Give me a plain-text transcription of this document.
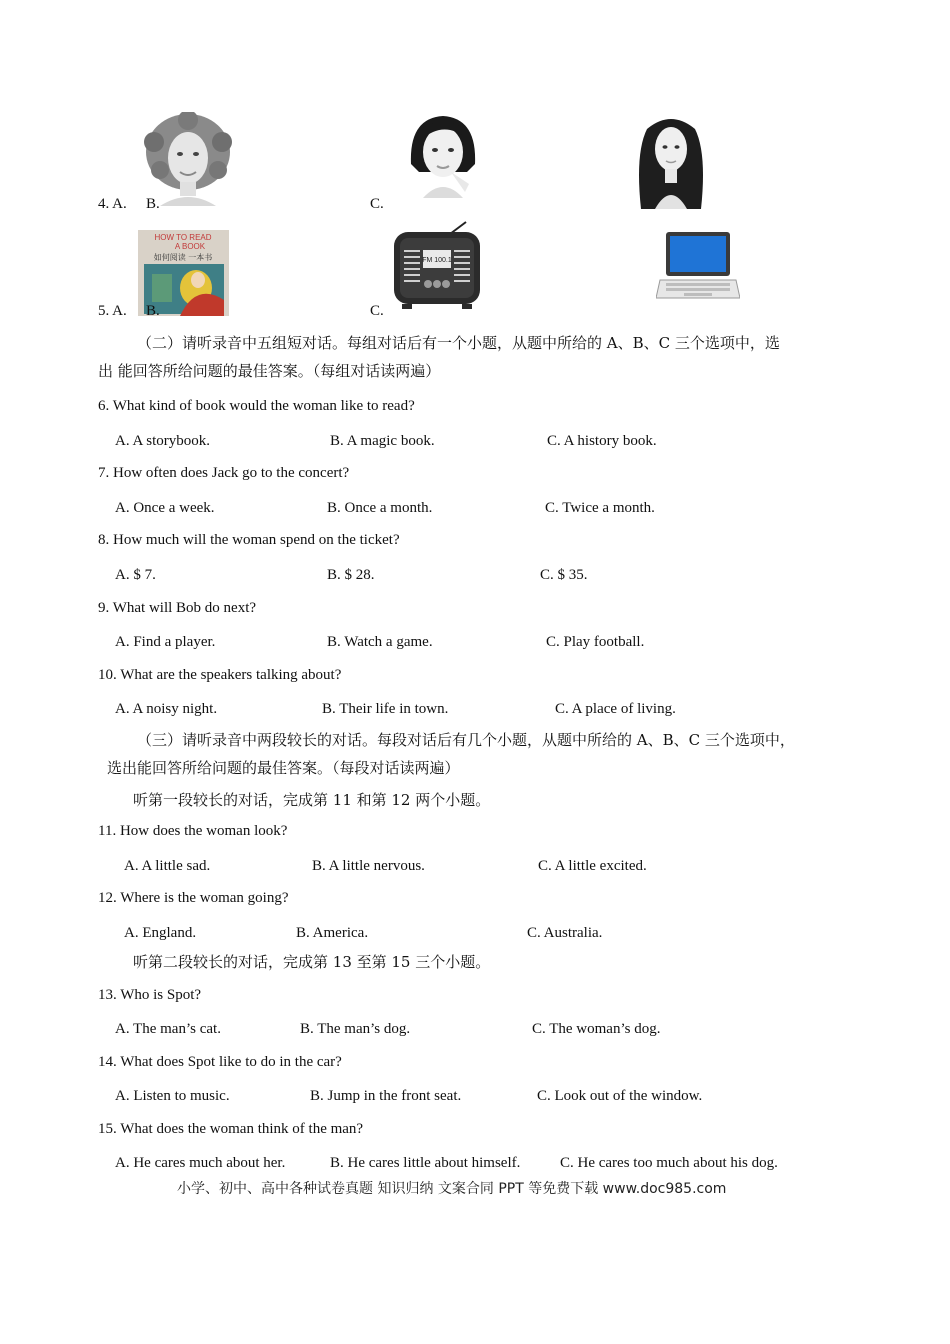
4. A. B.	C.
HOW TO READ
A BOOK
如何阅读 一本书
5. A. B.
FM 100.1
C.
（二）请听录音中五组短对话。每组对话后有一个小题，从题中所给的 A、B、C 三个选项中，选
出 能回答所给问题的最佳答案。（每组对话读两遍）
6. What kind of book would the woman like to read?
A. A storybook.	B. A magic book.	C. A history book.
7. How often does Jack go to the concert?
A. Once a week.	B. Once a month.	C. Twice a month.
8. How much will the woman spend on the ticket?
A. $ 7.	B. $ 28.	C. $ 35.
9. What will Bob do next?
A. Find a player.	B. Watch a game.	C. Play football.
10. What are the speakers talking about?
A. A noisy night.	B. Their life in town.	C. A place of living.
（三）请听录音中两段较长的对话。每段对话后有几个小题，从题中所给的 A、B、C 三个选项中，
选出能回答所给问题的最佳答案。（每段对话读两遍）
听第一段较长的对话，完成第 11 和第 12 两个小题。
11. How does the woman look?
A. A little sad.	B. A little nervous.	C. A little excited.
12. Where is the woman going?
A. England.	B. America.	C. Australia.
听第二段较长的对话，完成第 13 至第 15 三个小题。
13. Who is Spot?
A. The man’s cat.	B. The man’s dog.	C. The woman’s dog.
14. What does Spot like to do in the car?
A. Listen to music.	B. Jump in the front seat.	C. Look out of the window.
15. What does the woman think of the man?
A. He cares much about her.	B. He cares little about himself.	C. He cares too much about his dog.
小学、初中、高中各种试卷真题 知识归纳 文案合同 PPT 等免费下载 www.doc985.com
